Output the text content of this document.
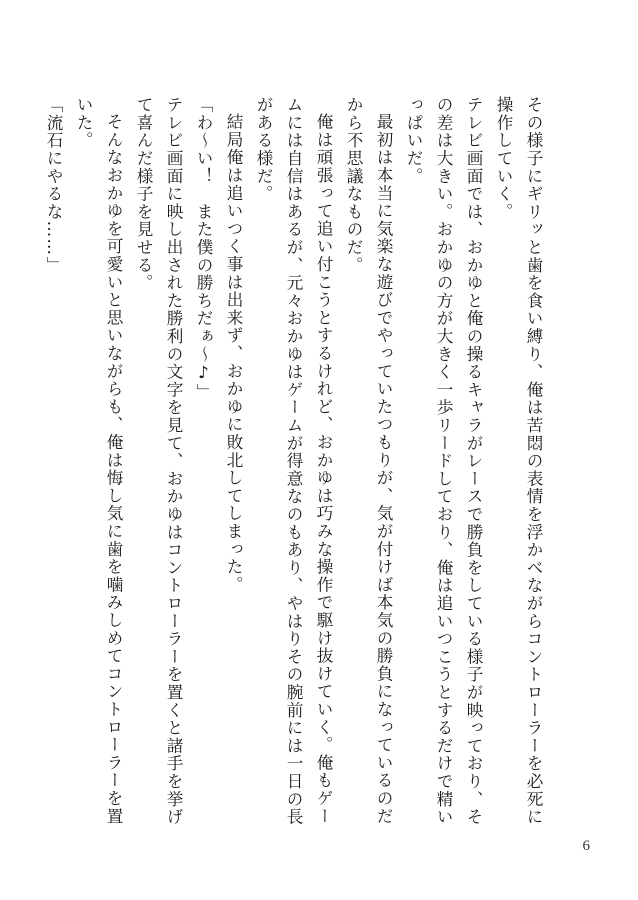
その様子にギリッと歯を食い縛り、俺は苦悶の表情を浮かべながらコントローラーを必死に操作していく。

テレビ画面では、おかゆと俺の操るキャラがレースで勝負をしている様子が映っており、その差は大きい。おかゆの方が大きく一歩リードしており、俺は追いつこうとするだけで精いっぱいだ。

最初は本当に気楽な遊びでやっていたつもりが、気が付けば本気の勝負になっているのだから不思議なものだ。

俺は頑張って追い付こうとするけれど、おかゆは巧みな操作で駆け抜けていく。俺もゲームには自信はあるが、元々おかゆはゲームが得意なのもあり、やはりその腕前には一日の長がある様だ。

結局俺は追いつく事は出来ず、おかゆに敗北してしまった。

「わ〜い！　また僕の勝ちだぁ〜♪」

テレビ画面に映し出された勝利の文字を見て、おかゆはコントローラーを置くと諸手を挙げて喜んだ様子を見せる。

そんなおかゆを可愛いと思いながらも、俺は悔し気に歯を噛みしめてコントローラーを置いた。

「流石にやるな……」

6
